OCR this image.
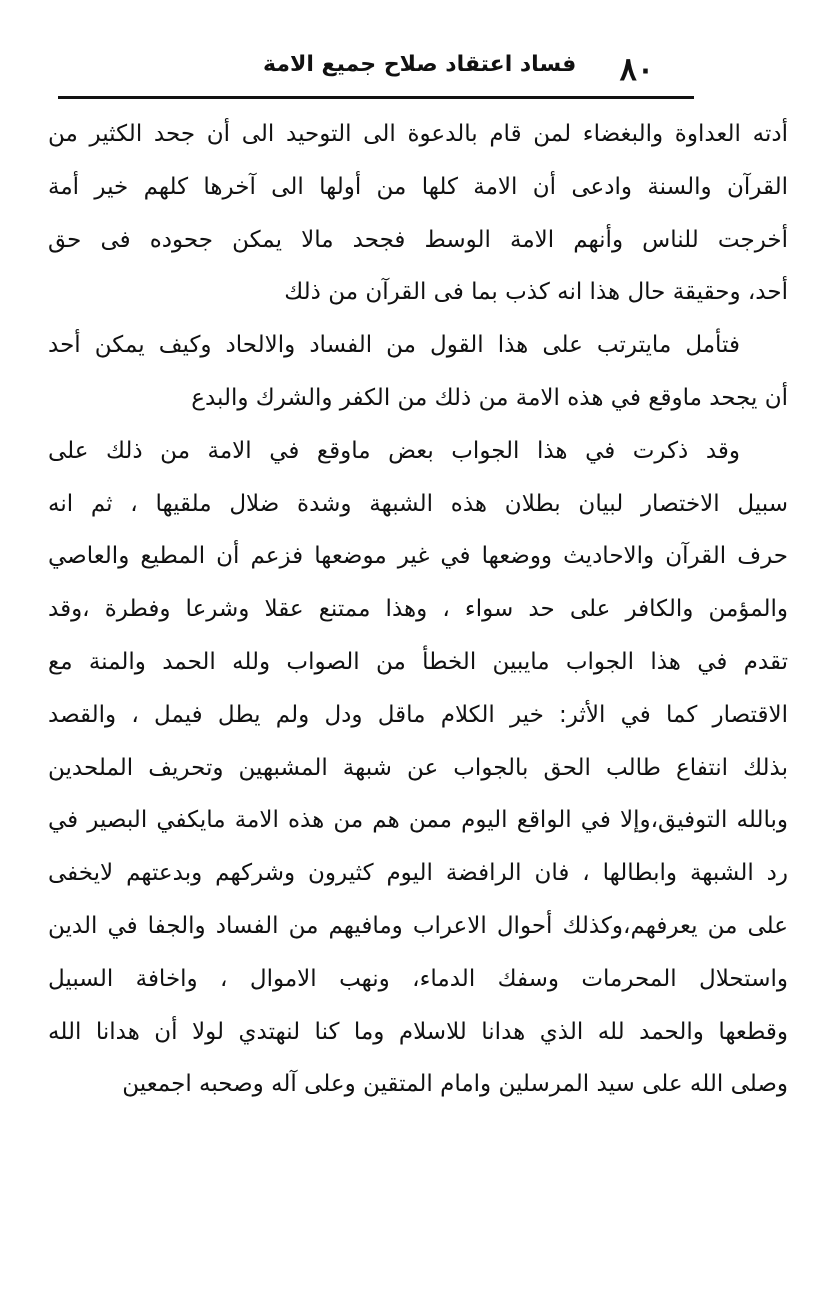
٨٠
فساد اعتقاد صلاح جميع الامة
أدته العداوة والبغضاء لمن قام بالدعوة الى التوحيد الى أن جحد الكثير من
القرآن والسنة وادعى أن الامة كلها من أولها الى آخرها كلهم خير أمة
أخرجت للناس وأنهم الامة الوسط فجحد مالا يمكن جحوده فى حق
أحد، وحقيقة حال هذا انه كذب بما فى القرآن من ذلك
فتأمل مايترتب على هذا القول من الفساد والالحاد وكيف يمكن أحد
أن يجحد ماوقع في هذه الامة من ذلك من الكفر والشرك والبدع
وقد ذكرت في هذا الجواب بعض ماوقع في الامة من ذلك على
سبيل الاختصار لبيان بطلان هذه الشبهة وشدة ضلال ملقيها ، ثم انه
حرف القرآن والاحاديث ووضعها في غير موضعها فزعم أن المطيع والعاصي
والمؤمن والكافر على حد سواء ، وهذا ممتنع عقلا وشرعا وفطرة ،وقد
تقدم في هذا الجواب مايبين الخطأ من الصواب ولله الحمد والمنة مع
الاقتصار كما في الأثر: خير الكلام ماقل ودل ولم يطل فيمل ، والقصد
بذلك انتفاع طالب الحق بالجواب عن شبهة المشبهين وتحريف الملحدين
وبالله التوفيق،وإلا في الواقع اليوم ممن هم من هذه الامة مايكفي البصير في
رد الشبهة وابطالها ، فان الرافضة اليوم كثيرون وشركهم وبدعتهم لايخفى
على من يعرفهم،وكذلك أحوال الاعراب ومافيهم من الفساد والجفا في الدين
واستحلال المحرمات وسفك الدماء، ونهب الاموال ، واخافة السبيل
وقطعها والحمد لله الذي هدانا للاسلام وما كنا لنهتدي لولا أن هدانا الله
وصلى الله على سيد المرسلين وامام المتقين وعلى آله وصحبه اجمعين
